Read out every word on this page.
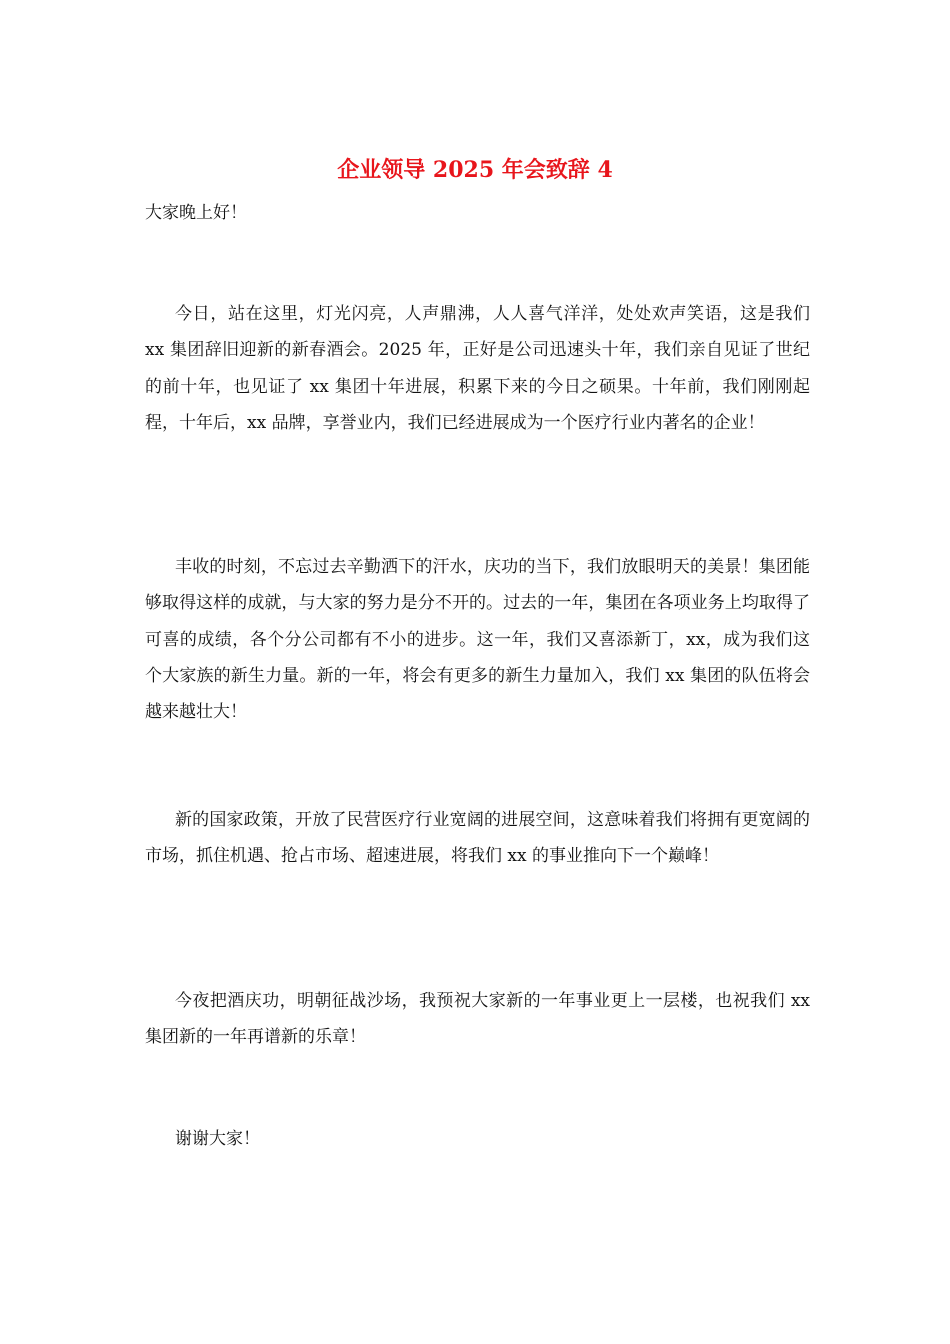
企业领导 2025 年会致辞 4

大家晚上好！

今日，站在这里，灯光闪亮，人声鼎沸，人人喜气洋洋，处处欢声笑语，这是我们 xx 集团辞旧迎新的新春酒会。2025 年，正好是公司迅速头十年，我们亲自见证了世纪的前十年，也见证了 xx 集团十年进展，积累下来的今日之硕果。十年前，我们刚刚起程，十年后，xx 品牌，享誉业内，我们已经进展成为一个医疗行业内著名的企业！

丰收的时刻，不忘过去辛勤洒下的汗水，庆功的当下，我们放眼明天的美景！集团能够取得这样的成就，与大家的努力是分不开的。过去的一年，集团在各项业务上均取得了可喜的成绩，各个分公司都有不小的进步。这一年，我们又喜添新丁，xx，成为我们这个大家族的新生力量。新的一年，将会有更多的新生力量加入，我们 xx 集团的队伍将会越来越壮大！

新的国家政策，开放了民营医疗行业宽阔的进展空间，这意味着我们将拥有更宽阔的市场，抓住机遇、抢占市场、超速进展，将我们 xx 的事业推向下一个巅峰！

今夜把酒庆功，明朝征战沙场，我预祝大家新的一年事业更上一层楼，也祝我们 xx 集团新的一年再谱新的乐章！

谢谢大家！
